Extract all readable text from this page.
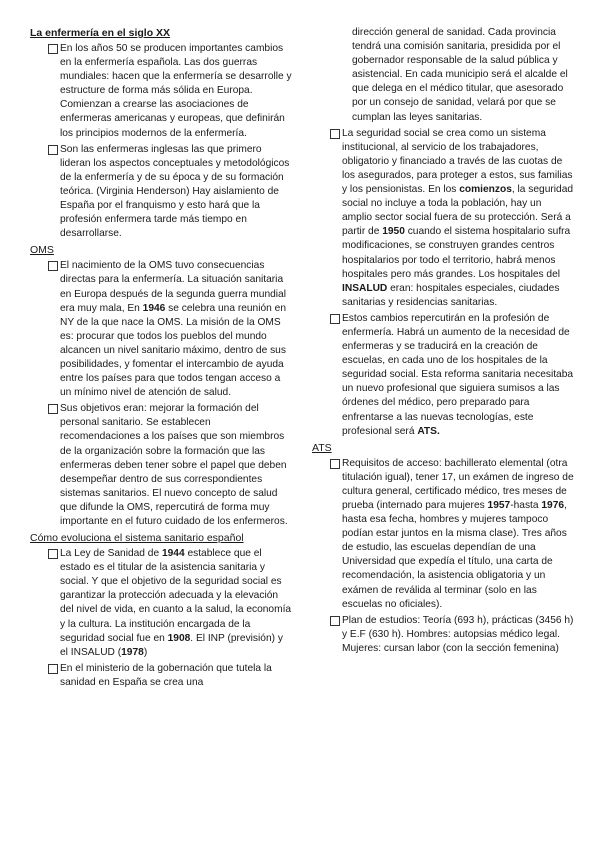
La enfermería en el siglo XX
En los años 50 se producen importantes cambios en la enfermería española. Las dos guerras mundiales: hacen que la enfermería se desarrolle y estructure de forma más sólida en Europa. Comienzan a crearse las asociaciones de enfermeras americanas y europeas, que definirán los principios modernos de la enfermería.
Son las enfermeras inglesas las que primero lideran los aspectos conceptuales y metodológicos de la enfermería y de su época y de su formación teórica. (Virginia Henderson) Hay aislamiento de España por el franquismo y esto hará que la profesión enfermera tarde más tiempo en desarrollarse.
OMS
El nacimiento de la OMS tuvo consecuencias directas para la enfermería. La situación sanitaria en Europa después de la segunda guerra mundial era muy mala, En 1946 se celebra una reunión en NY de la que nace la OMS. La misión de la OMS es: procurar que todos los pueblos del mundo alcancen un nivel sanitario máximo, dentro de sus posibilidades, y fomentar el intercambio de ayuda entre los países para que todos tengan acceso a un mínimo nivel de atención de salud.
Sus objetivos eran: mejorar la formación del personal sanitario. Se establecen recomendaciones a los países que son miembros de la organización sobre la formación que las enfermeras deben tener sobre el papel que deben desempeñar dentro de sus correspondientes sistemas sanitarios. El nuevo concepto de salud que difunde la OMS, repercutirá de forma muy importante en el futuro cuidado de los enfermeros.
Cómo evoluciona el sistema sanitario español
La Ley de Sanidad de 1944 establece que el estado es el titular de la asistencia sanitaria y social. Y que el objetivo de la seguridad social es garantizar la protección adecuada y la elevación del nivel de vida, en cuanto a la salud, la economía y la cultura. La institución encargada de la seguridad social fue en 1908. El INP (previsión) y el INSALUD (1978)
En el ministerio de la gobernación que tutela la sanidad en España se crea una
dirección general de sanidad. Cada provincia tendrá una comisión sanitaria, presidida por el gobernador responsable de la salud pública y asistencial. En cada municipio será el alcalde el que delega en el médico titular, que asesorado por un consejo de sanidad, velará por que se cumplan las leyes sanitarias.
La seguridad social se crea como un sistema institucional, al servicio de los trabajadores, obligatorio y financiado a través de las cuotas de los asegurados, para proteger a estos, sus familias y los pensionistas. En los comienzos, la seguridad social no incluye a toda la población, hay un amplio sector social fuera de su protección. Será a partir de 1950 cuando el sistema hospitalario sufra modificaciones, se construyen grandes centros hospitalarios por todo el territorio, habrá menos hospitales pero más grandes. Los hospitales del INSALUD eran: hospitales especiales, ciudades sanitarias y residencias sanitarias.
Estos cambios repercutirán en la profesión de enfermería. Habrá un aumento de la necesidad de enfermeras y se traducirá en la creación de escuelas, en cada uno de los hospitales de la seguridad social. Esta reforma sanitaria necesitaba un nuevo profesional que siguiera sumisos a las órdenes del médico, pero preparado para enfrentarse a las nuevas tecnologías, este profesional será ATS.
ATS
Requisitos de acceso: bachillerato elemental (otra titulación igual), tener 17, un exámen de ingreso de cultura general, certificado médico, tres meses de prueba (internado para mujeres 1957-hasta 1976, hasta esa fecha, hombres y mujeres tampoco podían estar juntos en la misma clase). Tres años de estudio, las escuelas dependían de una Universidad que expedía el título, una carta de recomendación, la asistencia obligatoria y un exámen de reválida al terminar (solo en las escuelas no oficiales).
Plan de estudios: Teoría (693 h), prácticas (3456 h) y E.F (630 h). Hombres: autopsias médico legal. Mujeres: cursan labor (con la sección femenina)
